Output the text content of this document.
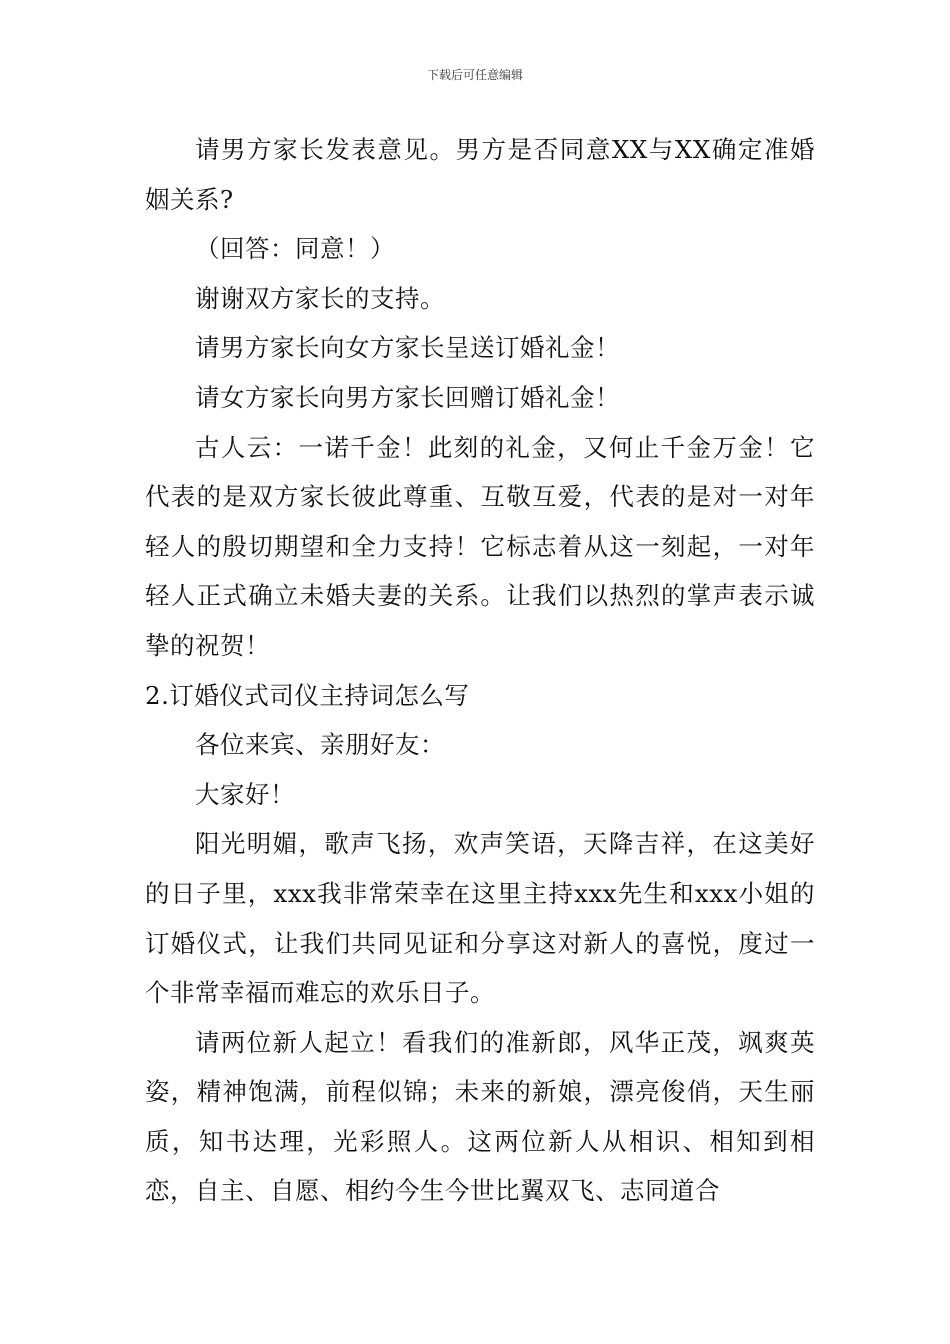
下载后可任意编辑

请男方家长发表意见。男方是否同意XX与XX确定准婚姻关系?

（回答：同意！）

谢谢双方家长的支持。

请男方家长向女方家长呈送订婚礼金！

请女方家长向男方家长回赠订婚礼金！

古人云：一诺千金！此刻的礼金，又何止千金万金！它代表的是双方家长彼此尊重、互敬互爱，代表的是对一对年轻人的殷切期望和全力支持！它标志着从这一刻起，一对年轻人正式确立未婚夫妻的关系。让我们以热烈的掌声表示诚挚的祝贺！

2.订婚仪式司仪主持词怎么写

各位来宾、亲朋好友：

大家好！

阳光明媚，歌声飞扬，欢声笑语，天降吉祥，在这美好的日子里，xxx我非常荣幸在这里主持xxx先生和xxx小姐的订婚仪式，让我们共同见证和分享这对新人的喜悦，度过一个非常幸福而难忘的欢乐日子。

请两位新人起立！看我们的准新郎，风华正茂，飒爽英姿，精神饱满，前程似锦；未来的新娘，漂亮俊俏，天生丽质，知书达理，光彩照人。这两位新人从相识、相知到相恋，自主、自愿、相约今生今世比翼双飞、志同道合
